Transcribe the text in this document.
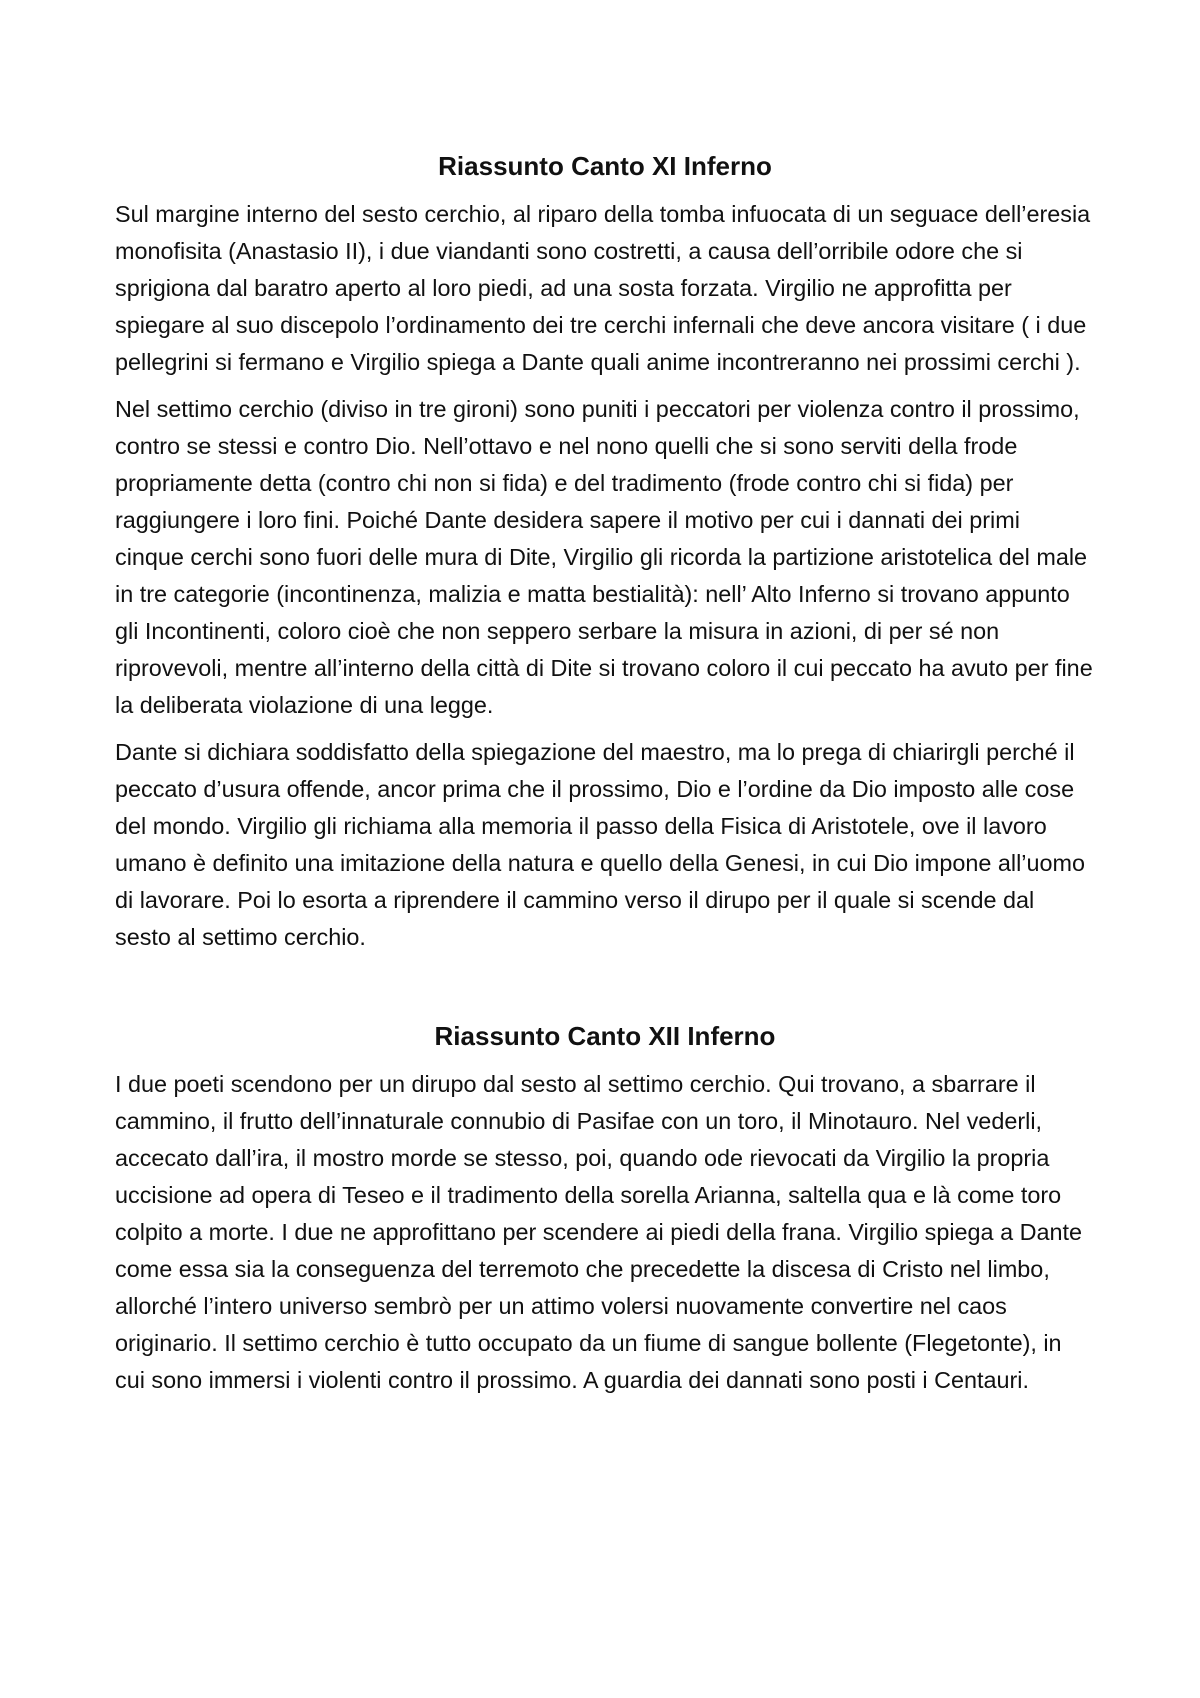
Riassunto Canto XI Inferno

Sul margine interno del sesto cerchio, al riparo della tomba infuocata di un seguace dell’eresia monofisita (Anastasio II), i due viandanti sono costretti, a causa dell’orribile odore che si sprigiona dal baratro aperto al loro piedi, ad una sosta forzata. Virgilio ne approfitta per spiegare al suo discepolo l’ordinamento dei tre cerchi infernali che deve ancora visitare ( i due pellegrini si fermano e Virgilio spiega a Dante quali anime incontreranno nei prossimi cerchi ).

Nel settimo cerchio (diviso in tre gironi) sono puniti i peccatori per violenza contro il prossimo, contro se stessi e contro Dio. Nell’ottavo e nel nono quelli che si sono serviti della frode propriamente detta (contro chi non si fida) e del tradimento (frode contro chi si fida) per raggiungere i loro fini. Poiché Dante desidera sapere il motivo per cui i dannati dei primi cinque cerchi sono fuori delle mura di Dite, Virgilio gli ricorda la partizione aristotelica del male in tre categorie (incontinenza, malizia e matta bestialità): nell’ Alto Inferno si trovano appunto gli Incontinenti, coloro cioè che non seppero serbare la misura in azioni, di per sé non riprovevoli, mentre all’interno della città di Dite si trovano coloro il cui peccato ha avuto per fine la deliberata violazione di una legge.

Dante si dichiara soddisfatto della spiegazione del maestro, ma lo prega di chiarirgli perché il peccato d’usura offende, ancor prima che il prossimo, Dio e l’ordine da Dio imposto alle cose del mondo. Virgilio gli richiama alla memoria il passo della Fisica di Aristotele, ove il lavoro umano è definito una imitazione della natura e quello della Genesi, in cui Dio impone all’uomo di lavorare. Poi lo esorta a riprendere il cammino verso il dirupo per il quale si scende dal sesto al settimo cerchio.

Riassunto Canto XII Inferno

I due poeti scendono per un dirupo dal sesto al settimo cerchio. Qui trovano, a sbarrare il cammino, il frutto dell’innaturale connubio di Pasifae con un toro, il Minotauro. Nel vederli, accecato dall’ira, il mostro morde se stesso, poi, quando ode rievocati da Virgilio la propria uccisione ad opera di Teseo e il tradimento della sorella Arianna, saltella qua e là come toro colpito a morte. I due ne approfittano per scendere ai piedi della frana. Virgilio spiega a Dante come essa sia la conseguenza del terremoto che precedette la discesa di Cristo nel limbo, allorché l’intero universo sembrò per un attimo volersi nuovamente convertire nel caos originario. Il settimo cerchio è tutto occupato da un fiume di sangue bollente (Flegetonte), in cui sono immersi i violenti contro il prossimo. A guardia dei dannati sono posti i Centauri.
